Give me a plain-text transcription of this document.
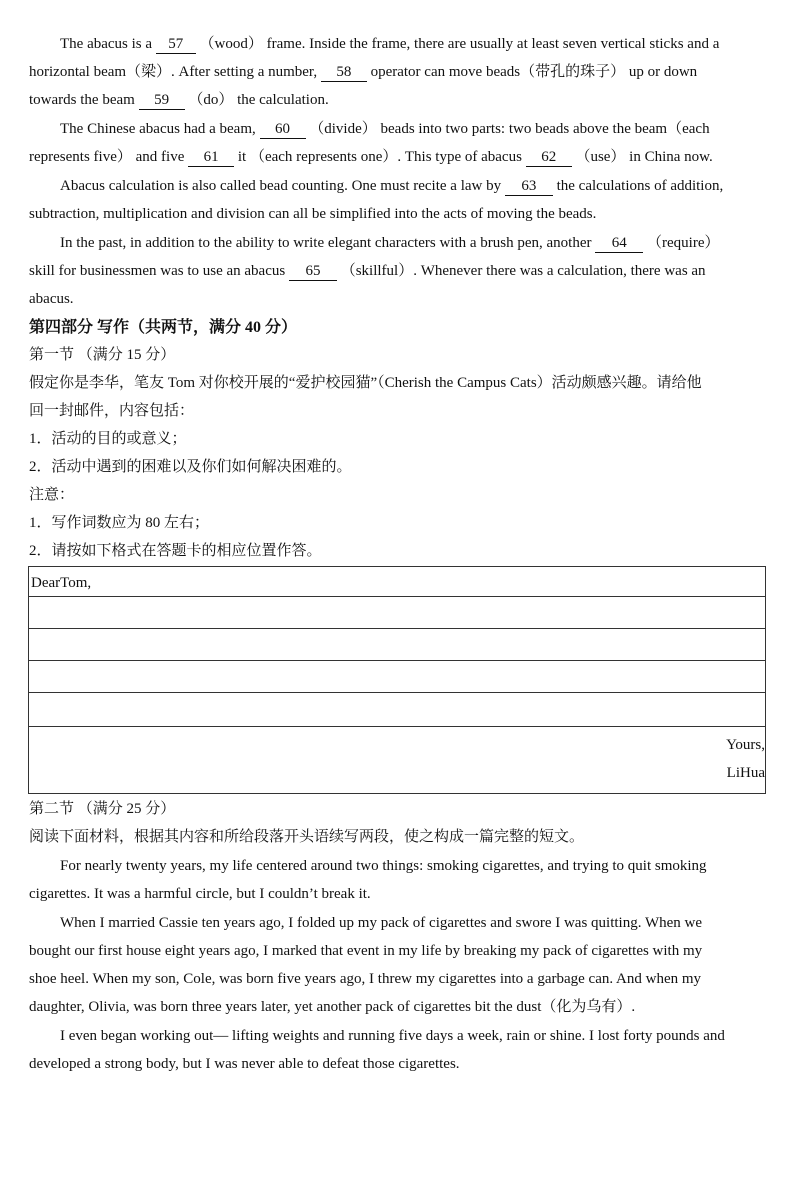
The abacus is a 57 （wood） frame. Inside the frame, there are usually at least seven vertical sticks and a
horizontal beam（梁）. After setting a number, 58 operator can move beads（带孔的珠子） up or down
towards the beam 59 （do） the calculation.
The Chinese abacus had a beam, 60 （divide） beads into two parts: two beads above the beam（each
represents five） and five 61 it （each represents one）. This type of abacus 62 （use） in China now.
Abacus calculation is also called bead counting. One must recite a law by 63 the calculations of addition,
subtraction, multiplication and division can all be simplified into the acts of moving the beads.
In the past, in addition to the ability to write elegant characters with a brush pen, another 64 （require）
skill for businessmen was to use an abacus 65 （skillful）. Whenever there was a calculation, there was an
abacus.
第四部分 写作（共两节，满分 40 分）
第一节 （满分 15 分）
假定你是李华，笔友 Tom 对你校开展的“爱护校园猫”（Cherish the Campus Cats）活动颇感兴趣。请给他
回一封邮件，内容包括：
1．活动的目的或意义；
2．活动中遇到的困难以及你们如何解决困难的。
注意：
1．写作词数应为 80 左右；
2．请按如下格式在答题卡的相应位置作答。
DearTom,
Yours,
LiHua
第二节 （满分 25 分）
阅读下面材料，根据其内容和所给段落开头语续写两段，使之构成一篇完整的短文。
For nearly twenty years, my life centered around two things: smoking cigarettes, and trying to quit smoking
cigarettes. It was a harmful circle, but I couldn’t break it.
When I married Cassie ten years ago, I folded up my pack of cigarettes and swore I was quitting. When we
bought our first house eight years ago, I marked that event in my life by breaking my pack of cigarettes with my
shoe heel. When my son, Cole, was born five years ago, I threw my cigarettes into a garbage can. And when my
daughter, Olivia, was born three years later, yet another pack of cigarettes bit the dust（化为乌有）.
I even began working out— lifting weights and running five days a week, rain or shine. I lost forty pounds and
developed a strong body, but I was never able to defeat those cigarettes.
